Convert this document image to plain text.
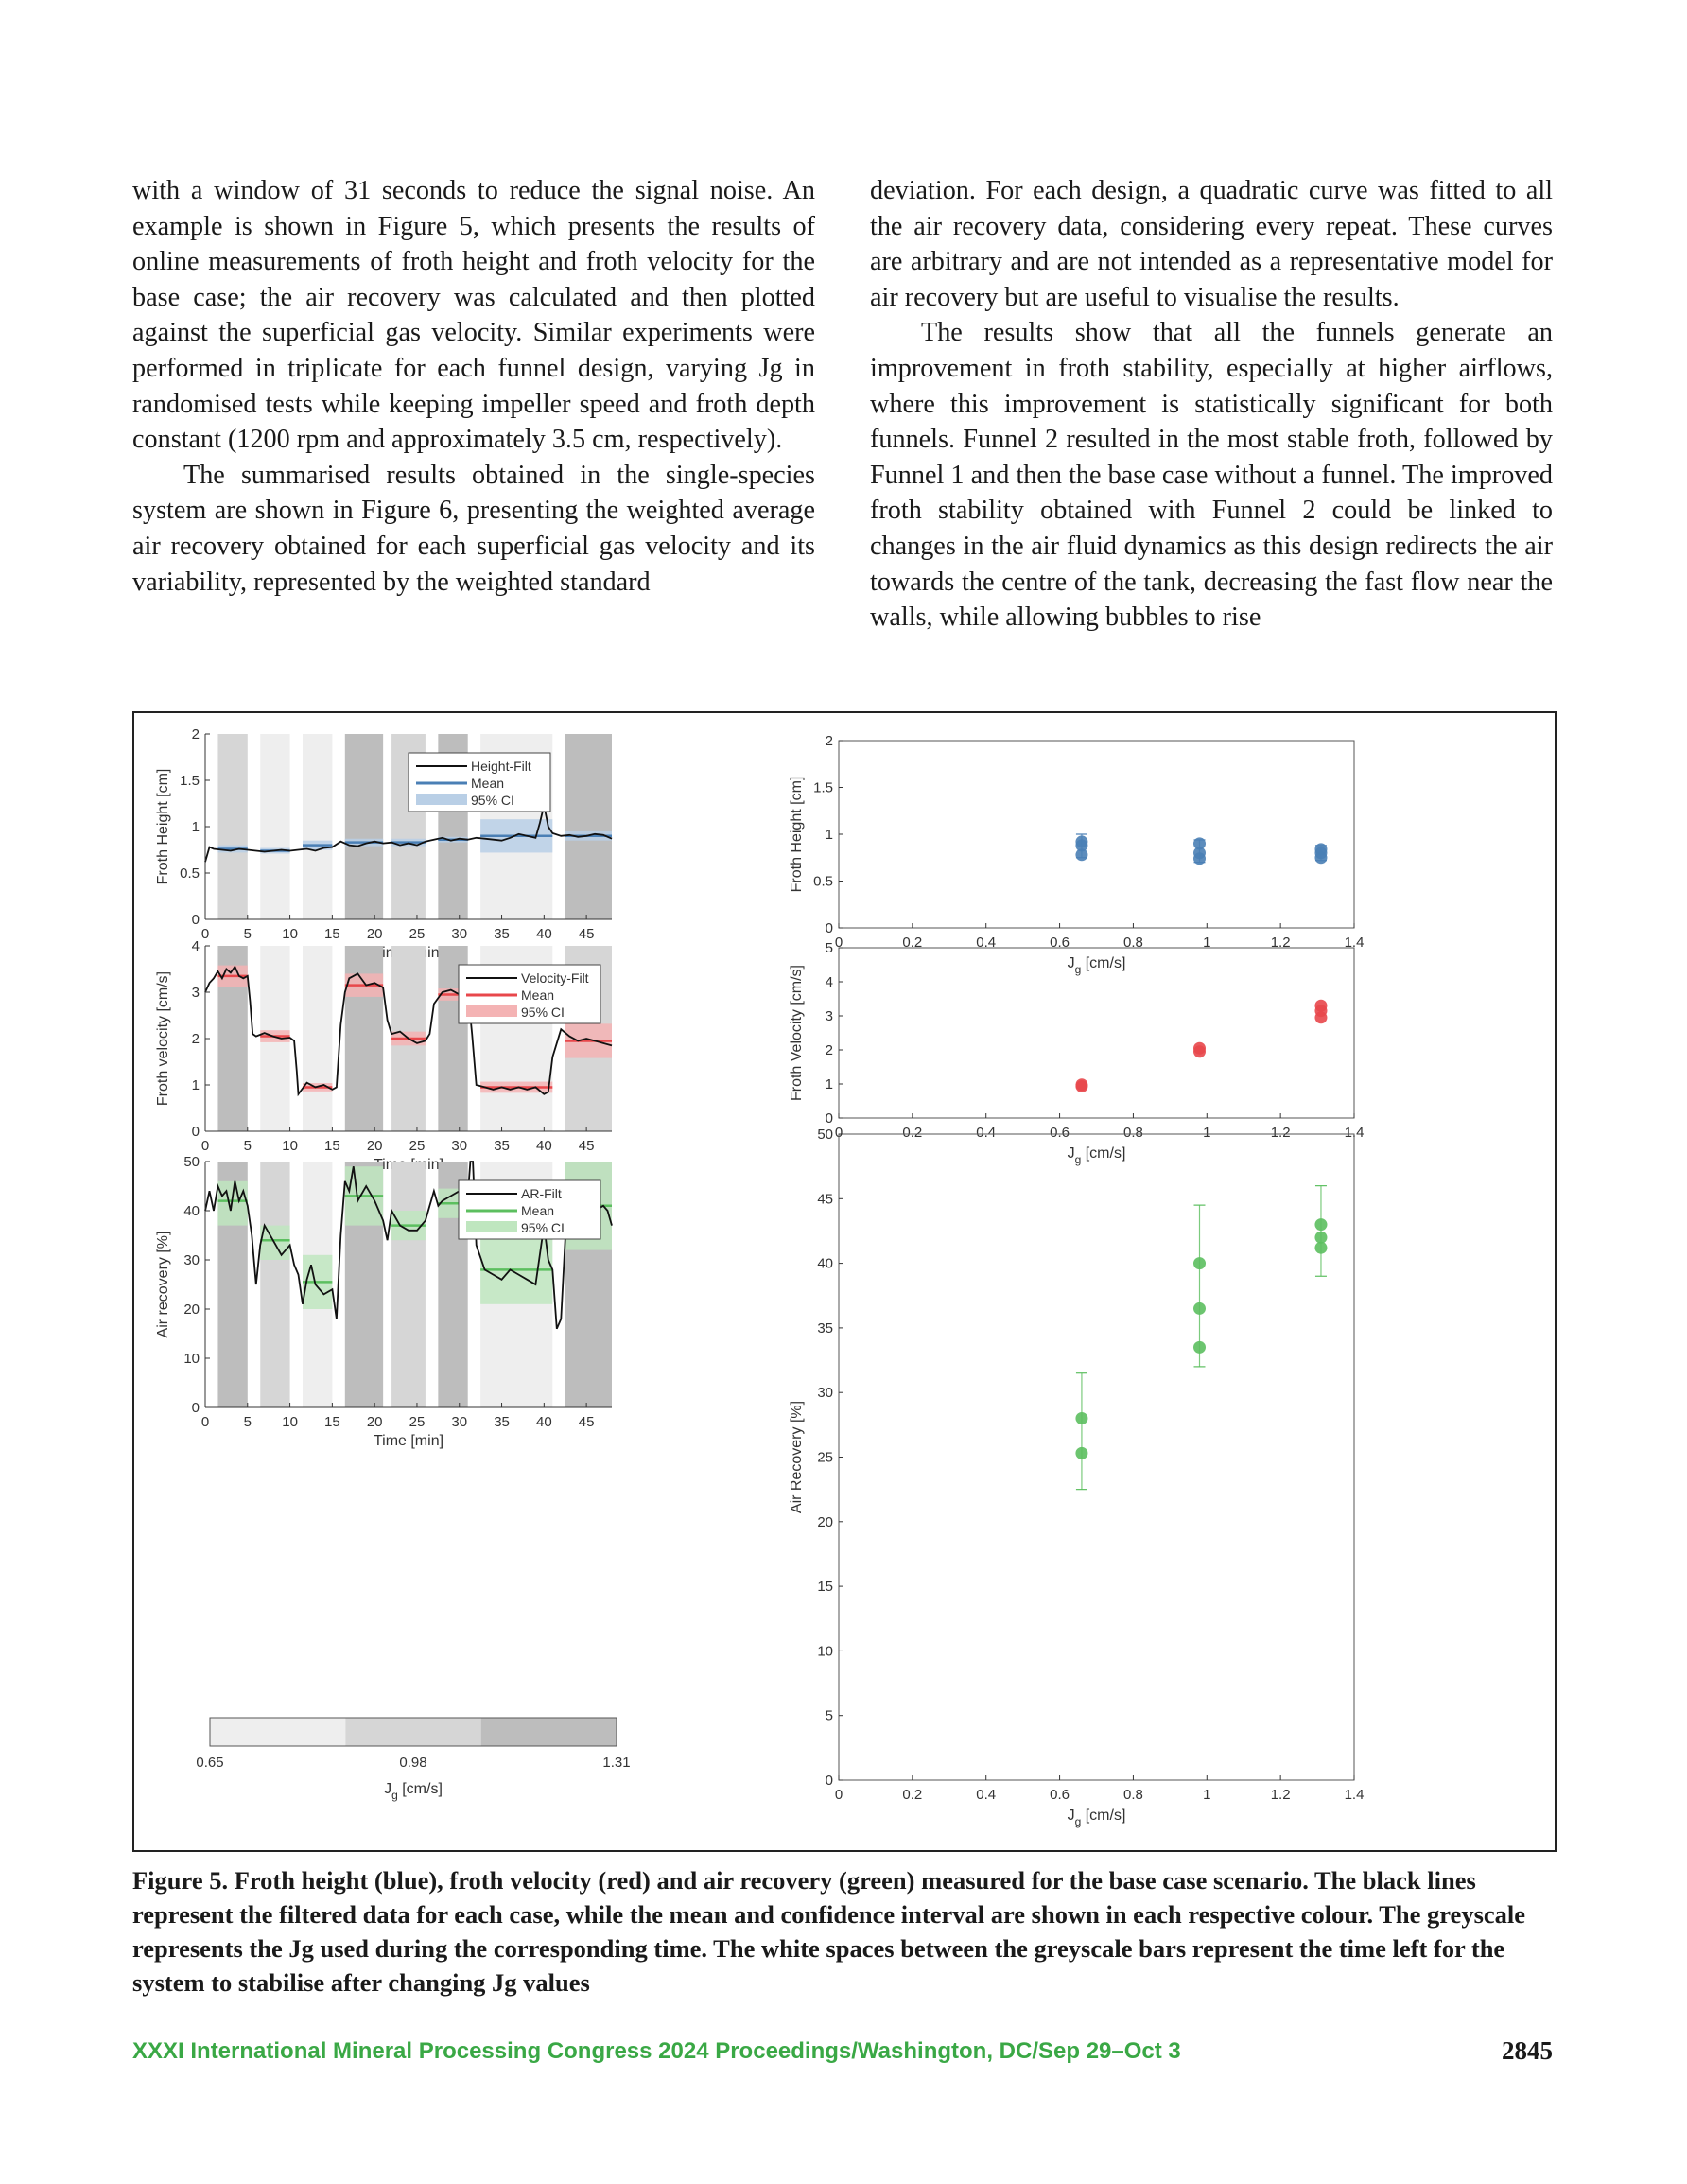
with a window of 31 seconds to reduce the signal noise. An example is shown in Figure 5, which presents the results of online measurements of froth height and froth velocity for the base case; the air recovery was calculated and then plotted against the superficial gas velocity. Similar experiments were performed in triplicate for each funnel design, varying Jg in randomised tests while keeping impeller speed and froth depth constant (1200 rpm and approximately 3.5 cm, respectively).

The summarised results obtained in the single-species system are shown in Figure 6, presenting the weighted average air recovery obtained for each superficial gas velocity and its variability, represented by the weighted standard

deviation. For each design, a quadratic curve was fitted to all the air recovery data, considering every repeat. These curves are arbitrary and are not intended as a representative model for air recovery but are useful to visualise the results.

The results show that all the funnels generate an improvement in froth stability, especially at higher airflows, where this improvement is statistically significant for both funnels. Funnel 2 resulted in the most stable froth, followed by Funnel 1 and then the base case without a funnel. The improved froth stability obtained with Funnel 2 could be linked to changes in the air fluid dynamics as this design redirects the air towards the centre of the tank, decreasing the fast flow near the walls, while allowing bubbles to rise

0 5 10 15 20 25 30 35 40 45
0
0.5
1
1.5
2
Time [min]
Froth Height [cm]
Height-Filt
Mean
95% CI
0 5 10 15 20 25 30 35 40 45
0
1
2
3
4
Time [min]
Froth velocity [cm/s]	Velocity-Filt
Mean
95% CI
0 5 10 15 20 25 30 35 40 45
0
10
20
30
40
50
Time [min]
Air recovery [%]
AR-Filt
Mean
95% CI
0	0.2	0.4	0.6	0.8	1	1.2	1.4
0
0.5
1
1.5
2
$J_g$ [cm/s]
Froth Height [cm]
0	0.2	0.4	0.6	0.8	1	1.2	1.4
0
1
2
3
4
5
$J_g$ [cm/s]
Froth Velocity [cm/s]
0	0.2	0.4	0.6	0.8	1	1.2	1.4
0
5
10
15
20
25
30
35
40
45
50
$J_g$ [cm/s]
Air Recovery [%]
0.65	0.98	1.31
$J_g$ [cm/s]
Figure 5. Froth height (blue), froth velocity (red) and air recovery (green) measured for the base case scenario. The black lines represent the filtered data for each case, while the mean and confidence interval are shown in each respective colour. The greyscale represents the Jg used during the corresponding time. The white spaces between the greyscale bars represent the time left for the system to stabilise after changing Jg values
XXXI International Mineral Processing Congress 2024 Proceedings/Washington, DC/Sep 29–Oct 3	2845
